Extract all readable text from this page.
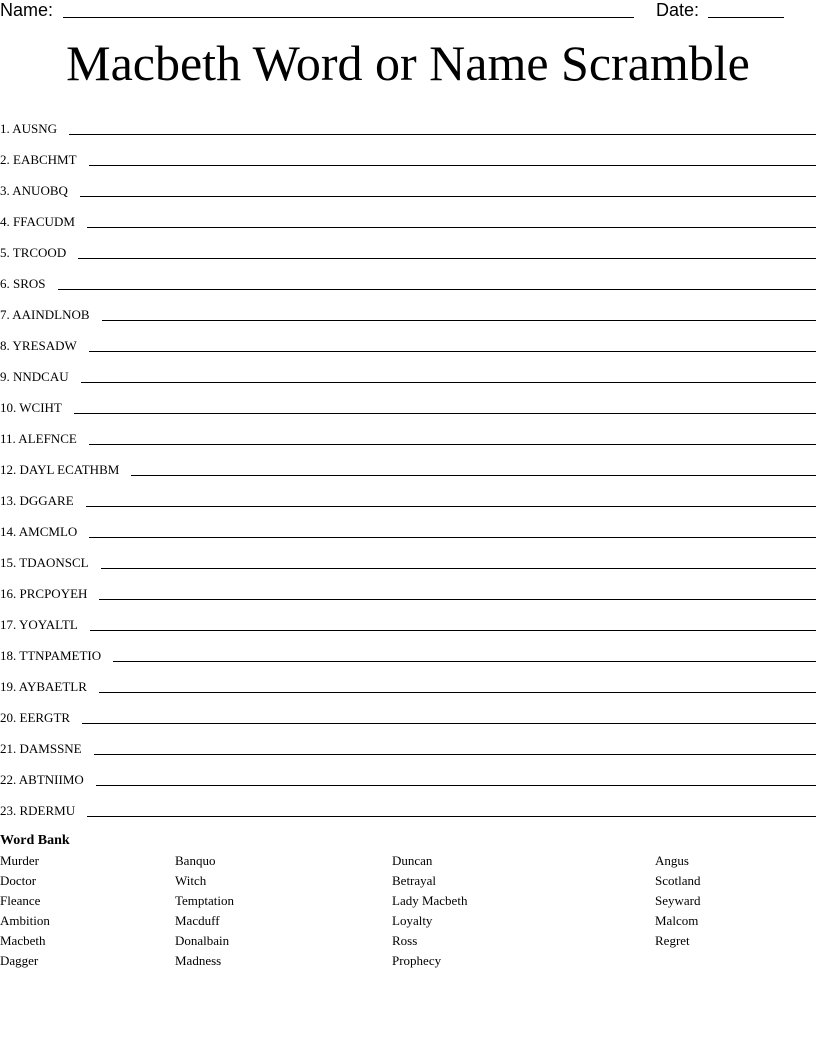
Name:	Date:
Macbeth Word or Name Scramble
1. AUSNG
2. EABCHMT
3. ANUOBQ
4. FFACUDM
5. TRCOOD
6. SROS
7. AAINDLNOB
8. YRESADW
9. NNDCAU
10. WCIHT
11. ALEFNCE
12. DAYL ECATHBM
13. DGGARE
14. AMCMLO
15. TDAONSCL
16. PRCPOYEH
17. YOYALTL
18. TTNPAMETIO
19. AYBAETLR
20. EERGTR
21. DAMSSNE
22. ABTNIIMO
23. RDERMU
Word Bank
Murder
Doctor
Fleance
Ambition
Macbeth
Dagger
Banquo
Witch
Temptation
Macduff
Donalbain
Madness
Duncan
Betrayal
Lady Macbeth
Loyalty
Ross
Prophecy
Angus
Scotland
Seyward
Malcom
Regret
